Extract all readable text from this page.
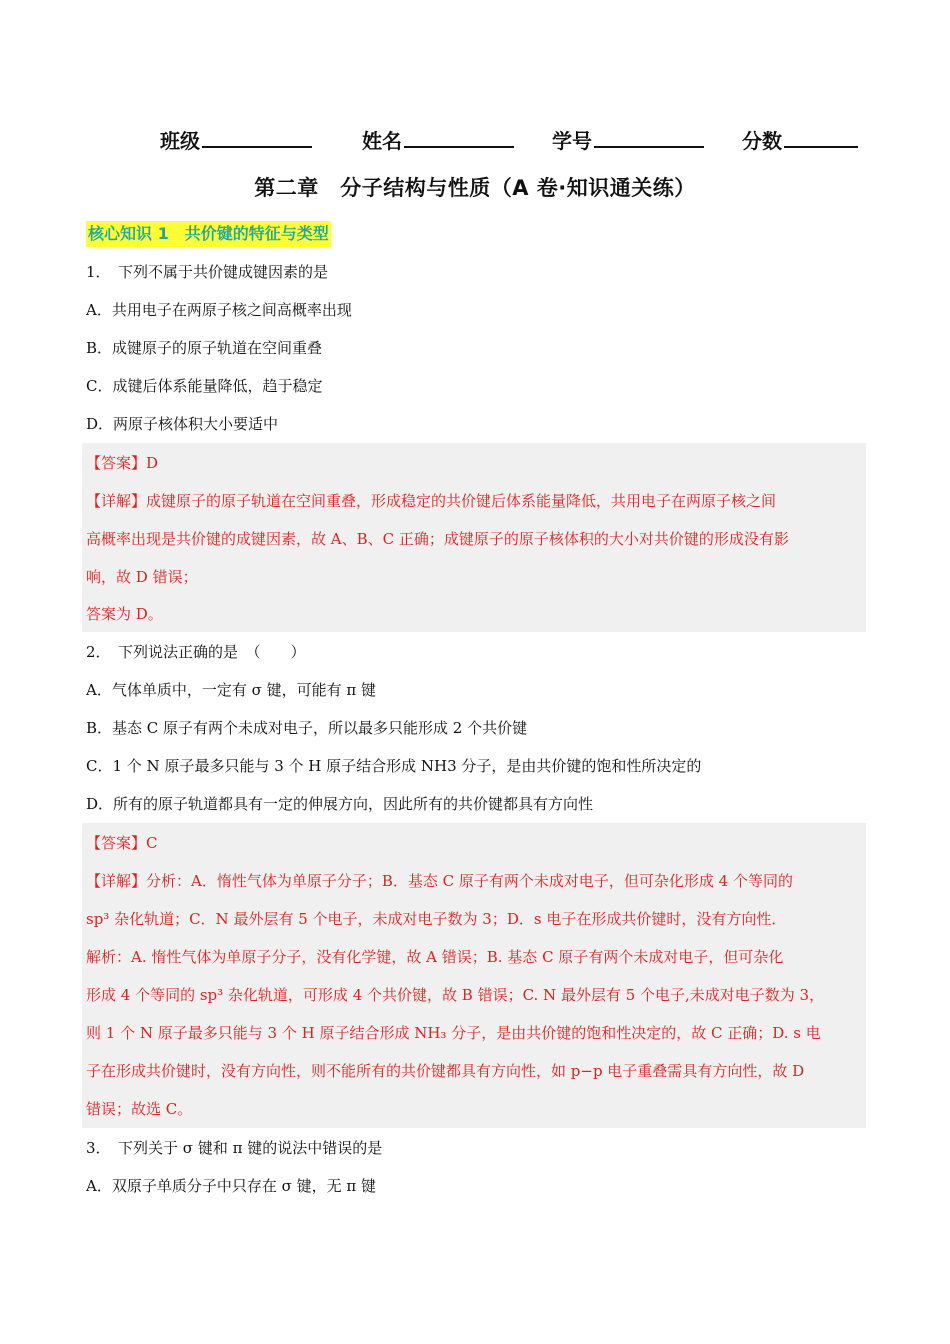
班级	姓名	学号	分数
第二章　分子结构与性质（A 卷·知识通关练）
核心知识 1　共价键的特征与类型
1．　下列不属于共价键成键因素的是
A．共用电子在两原子核之间高概率出现
B．成键原子的原子轨道在空间重叠
C．成键后体系能量降低，趋于稳定
D．两原子核体积大小要适中
【答案】D
【详解】成键原子的原子轨道在空间重叠，形成稳定的共价键后体系能量降低，共用电子在两原子核之间
高概率出现是共价键的成键因素，故 A、B、C 正确；成键原子的原子核体积的大小对共价键的形成没有影
响，故 D 错误；
答案为 D。
2．　下列说法正确的是　（　　）
A．气体单质中，一定有 σ 键，可能有 π 键
B．基态 C 原子有两个未成对电子，所以最多只能形成 2 个共价键
C．1 个 N 原子最多只能与 3 个 H 原子结合形成 NH3 分子，是由共价键的饱和性所决定的
D．所有的原子轨道都具有一定的伸展方向，因此所有的共价键都具有方向性
【答案】C
【详解】分析：A．惰性气体为单原子分子；B．基态 C 原子有两个未成对电子，但可杂化形成 4 个等同的
sp³ 杂化轨道；C．N 最外层有 5 个电子，未成对电子数为 3；D．s 电子在形成共价键时，没有方向性．
解析：A. 惰性气体为单原子分子，没有化学键，故 A 错误；B. 基态 C 原子有两个未成对电子，但可杂化
形成 4 个等同的 sp³ 杂化轨道，可形成 4 个共价键，故 B 错误；C. N 最外层有 5 个电子,未成对电子数为 3，
则 1 个 N 原子最多只能与 3 个 H 原子结合形成 NH₃ 分子，是由共价键的饱和性决定的，故 C 正确；D. s 电
子在形成共价键时，没有方向性，则不能所有的共价键都具有方向性，如 p−p 电子重叠需具有方向性，故 D
错误；故选 C。
3．　下列关于 σ 键和 π 键的说法中错误的是
A．双原子单质分子中只存在 σ 键，无 π 键
